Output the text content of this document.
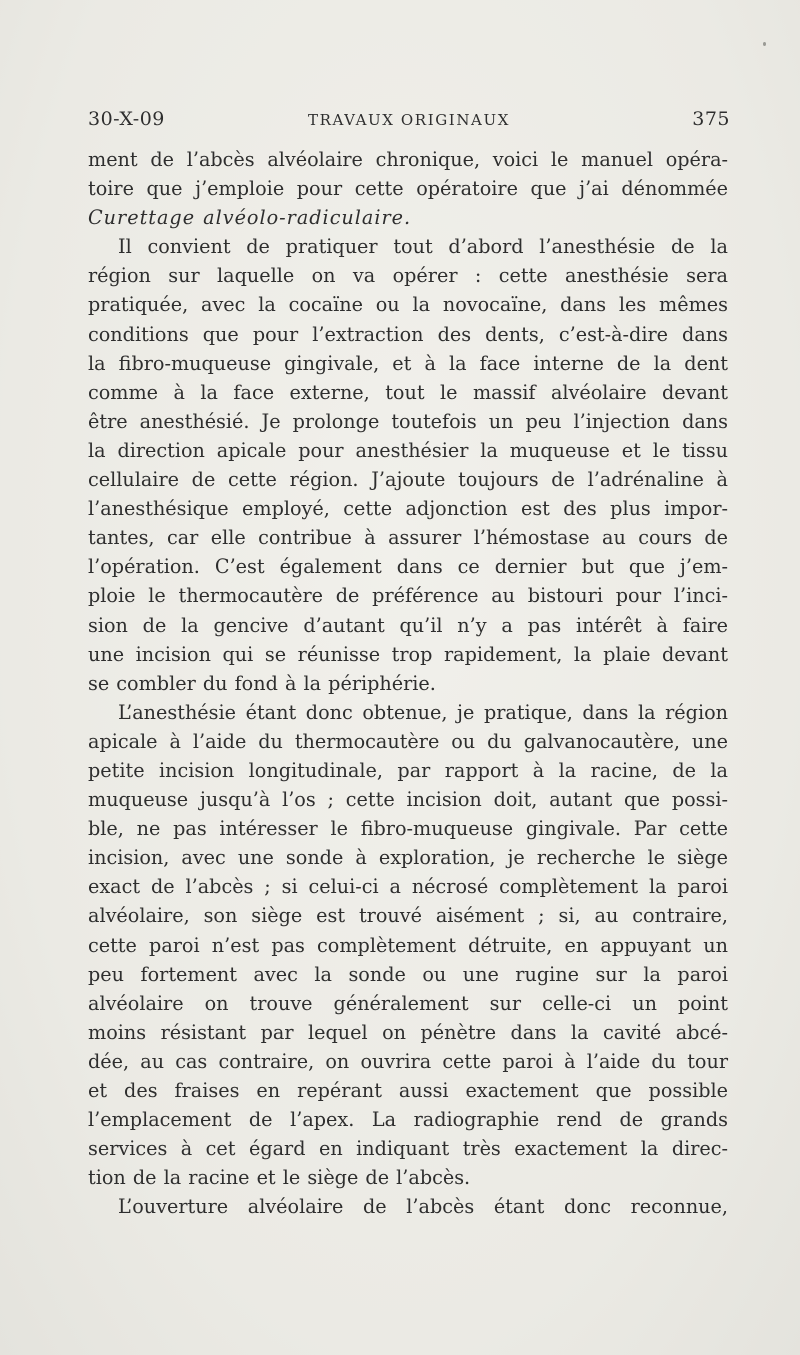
30-X-09	TRAVAUX ORIGINAUX	375
ment de l’abcès alvéolaire chronique, voici le manuel opéra-
toire que j’emploie pour cette opératoire que j’ai dénommée
Curettage alvéolo-radiculaire.
Il convient de pratiquer tout d’abord l’anesthésie de la
région sur laquelle on va opérer : cette anesthésie sera
pratiquée, avec la cocaïne ou la novocaïne, dans les mêmes
conditions que pour l’extraction des dents, c’est-à-dire dans
la fibro-muqueuse gingivale, et à la face interne de la dent
comme à la face externe, tout le massif alvéolaire devant
être anesthésié. Je prolonge toutefois un peu l’injection dans
la direction apicale pour anesthésier la muqueuse et le tissu
cellulaire de cette région. J’ajoute toujours de l’adrénaline à
l’anesthésique employé, cette adjonction est des plus impor-
tantes, car elle contribue à assurer l’hémostase au cours de
l’opération. C’est également dans ce dernier but que j’em-
ploie le thermocautère de préférence au bistouri pour l’inci-
sion de la gencive d’autant qu’il n’y a pas intérêt à faire
une incision qui se réunisse trop rapidement, la plaie devant
se combler du fond à la périphérie.
L’anesthésie étant donc obtenue, je pratique, dans la région
apicale à l’aide du thermocautère ou du galvanocautère, une
petite incision longitudinale, par rapport à la racine, de la
muqueuse jusqu’à l’os ; cette incision doit, autant que possi-
ble, ne pas intéresser le fibro-muqueuse gingivale. Par cette
incision, avec une sonde à exploration, je recherche le siège
exact de l’abcès ; si celui-ci a nécrosé complètement la paroi
alvéolaire, son siège est trouvé aisément ; si, au contraire,
cette paroi n’est pas complètement détruite, en appuyant un
peu fortement avec la sonde ou une rugine sur la paroi
alvéolaire on trouve généralement sur celle-ci un point
moins résistant par lequel on pénètre dans la cavité abcé-
dée, au cas contraire, on ouvrira cette paroi à l’aide du tour
et des fraises en repérant aussi exactement que possible
l’emplacement de l’apex. La radiographie rend de grands
services à cet égard en indiquant très exactement la direc-
tion de la racine et le siège de l’abcès.
L’ouverture alvéolaire de l’abcès étant donc reconnue,
